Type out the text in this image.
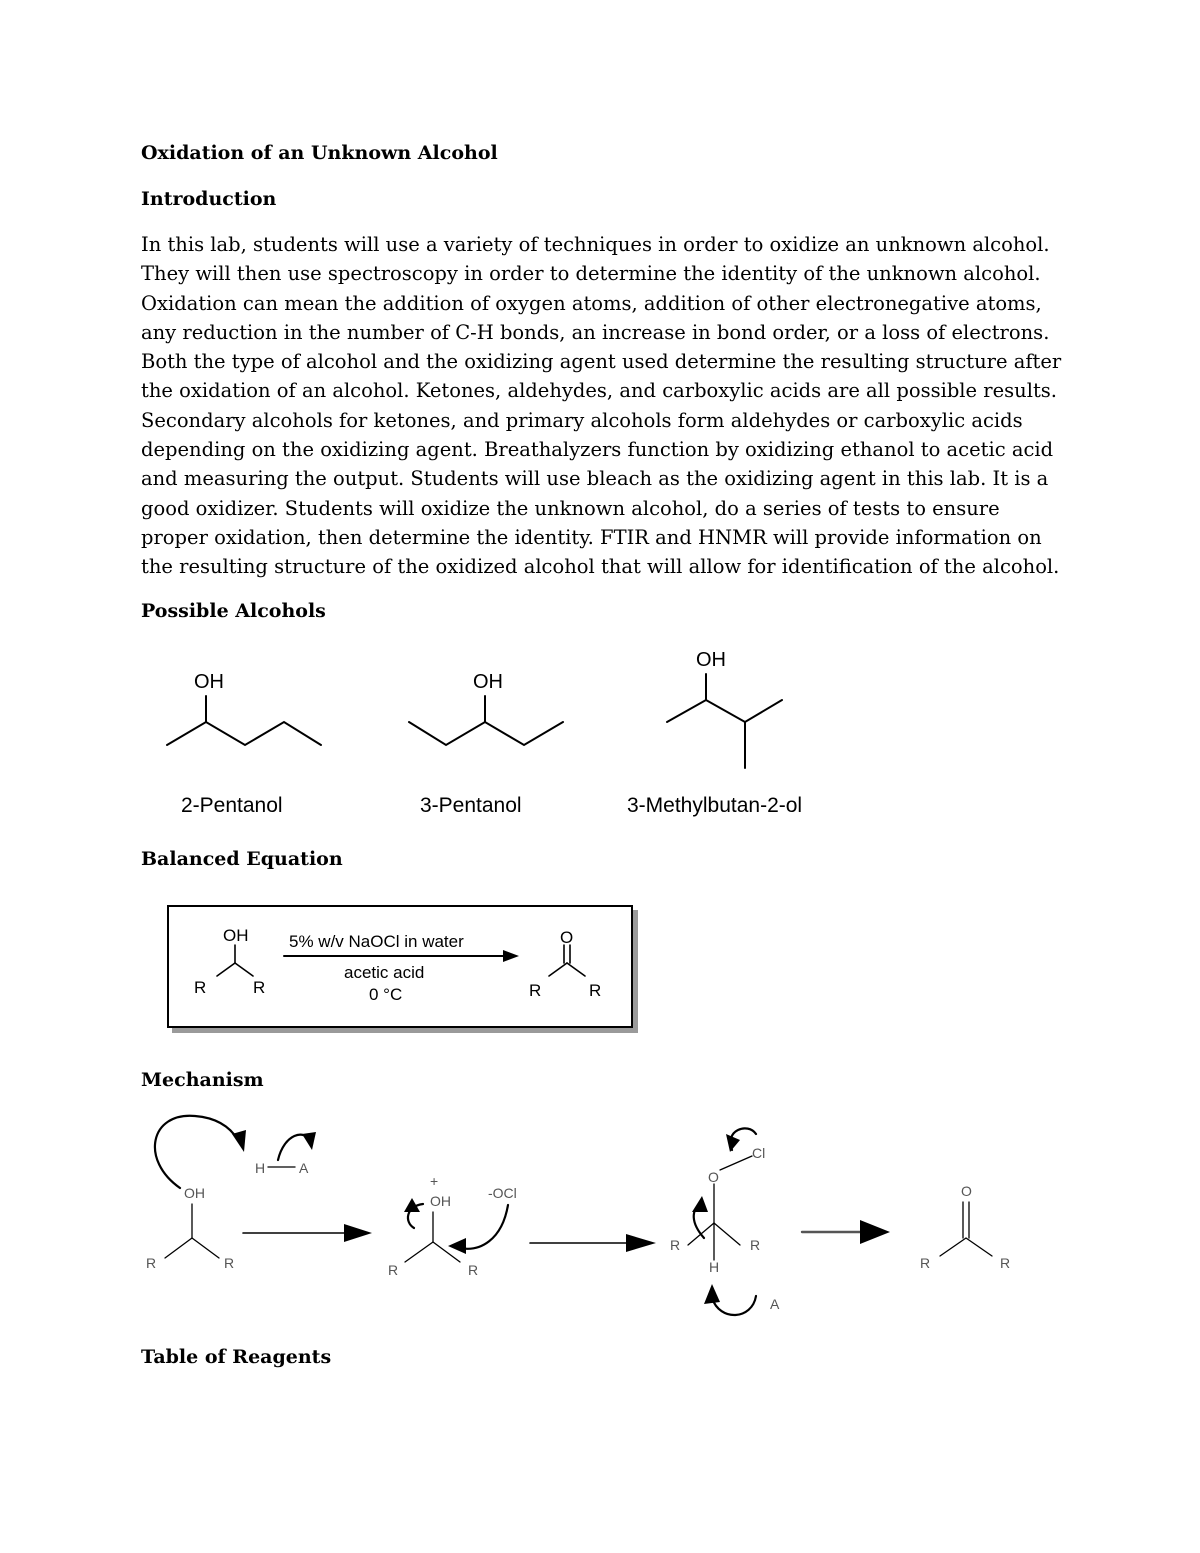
Oxidation of an Unknown Alcohol
Introduction

In this lab, students will use a variety of techniques in order to oxidize an unknown alcohol. They will then use spectroscopy in order to determine the identity of the unknown alcohol. Oxidation can mean the addition of oxygen atoms, addition of other electronegative atoms, any reduction in the number of C-H bonds, an increase in bond order, or a loss of electrons. Both the type of alcohol and the oxidizing agent used determine the resulting structure after the oxidation of an alcohol. Ketones, aldehydes, and carboxylic acids are all possible results. Secondary alcohols for ketones, and primary alcohols form aldehydes or carboxylic acids depending on the oxidizing agent. Breathalyzers function by oxidizing ethanol to acetic acid and measuring the output. Students will use bleach as the oxidizing agent in this lab. It is a good oxidizer. Students will oxidize the unknown alcohol, do a series of tests to ensure proper oxidation, then determine the identity. FTIR and HNMR will provide information on the resulting structure of the oxidized alcohol that will allow for identification of the alcohol.

Possible Alcohols
OH	OH
OH
2-Pentanol	3-Pentanol	3-Methylbutan-2-ol
Balanced Equation
OH
R	R
O
R	R
5% w/v NaOCl in water
acetic acid
0 °C
Mechanism
H A
OH
R	R
+
OH	-OCl
R	R
O
Cl
R	R
H
A
O
R	R
Table of Reagents
